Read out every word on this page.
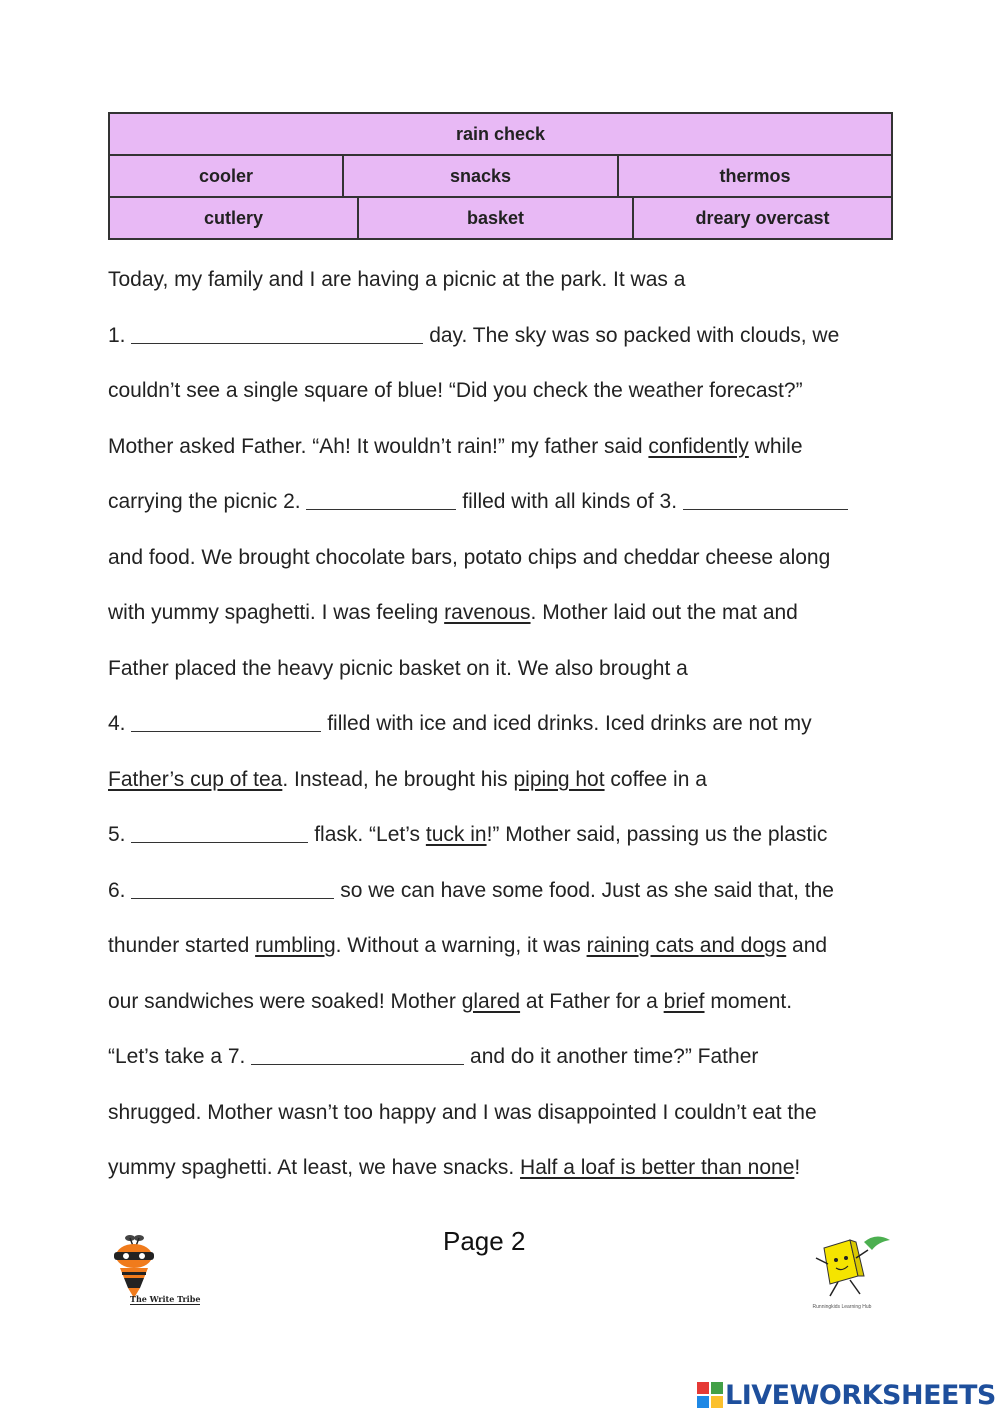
rain check
cooler	snacks	thermos
cutlery	basket	dreary overcast
Today, my family and I are having a picnic at the park. It was a
1.	day. The sky was so packed with clouds, we
couldn’t see a single square of blue! “Did you check the weather forecast?”
Mother asked Father. “Ah! It wouldn’t rain!” my father said confidently while
carrying the picnic 2.	filled with all kinds of 3.
and food. We brought chocolate bars, potato chips and cheddar cheese along
with yummy spaghetti. I was feeling ravenous. Mother laid out the mat and
Father placed the heavy picnic basket on it. We also brought a
4.	filled with ice and iced drinks. Iced drinks are not my
Father’s cup of tea. Instead, he brought his piping hot coffee in a
5.	flask. “Let’s tuck in!” Mother said, passing us the plastic
6.	so we can have some food. Just as she said that, the
thunder started rumbling. Without a warning, it was raining cats and dogs and
our sandwiches were soaked! Mother glared at Father for a brief moment.
“Let’s take a 7.	and do it another time?” Father
shrugged. Mother wasn’t too happy and I was disappointed I couldn’t eat the
yummy spaghetti. At least, we have snacks. Half a loaf is better than none!
Page 2
The Write Tribe
Runningkids Learning Hub
LIVEWORKSHEETS
